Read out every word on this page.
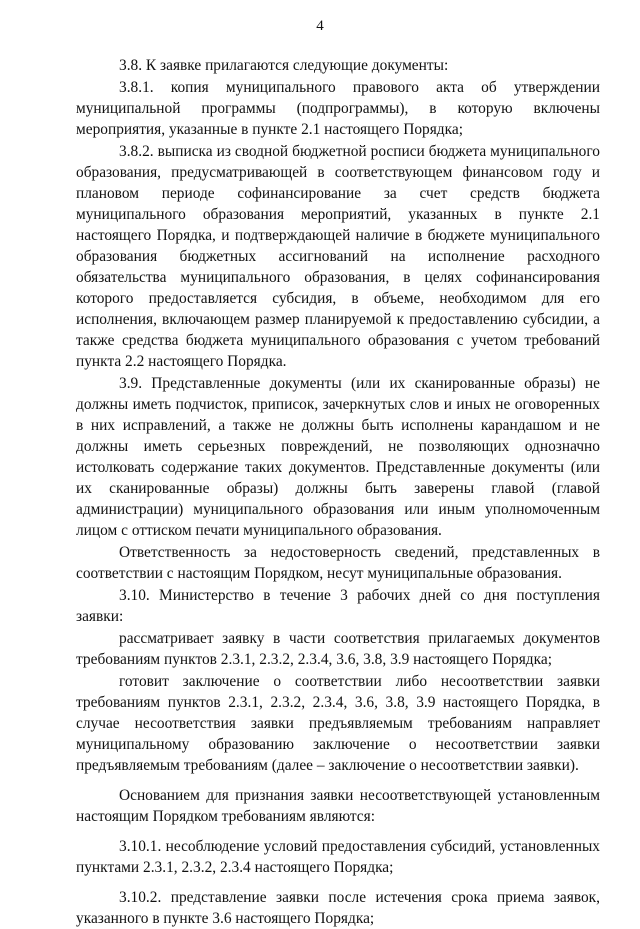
4

3.8. К заявке прилагаются следующие документы:

3.8.1. копия муниципального правового акта об утверждении муниципальной программы (подпрограммы), в которую включены мероприятия, указанные в пункте 2.1 настоящего Порядка;

3.8.2. выписка из сводной бюджетной росписи бюджета муниципального образования, предусматривающей в соответствующем финансовом году и плановом периоде софинансирование за счет средств бюджета муниципального образования мероприятий, указанных в пункте 2.1 настоящего Порядка, и подтверждающей наличие в бюджете муниципального образования бюджетных ассигнований на исполнение расходного обязательства муниципального образования, в целях софинансирования которого предоставляется субсидия, в объеме, необходимом для его исполнения, включающем размер планируемой к предоставлению субсидии, а также средства бюджета муниципального образования с учетом требований пункта 2.2 настоящего Порядка.

3.9. Представленные документы (или их сканированные образы) не должны иметь подчисток, приписок, зачеркнутых слов и иных не оговоренных в них исправлений, а также не должны быть исполнены карандашом и не должны иметь серьезных повреждений, не позволяющих однозначно истолковать содержание таких документов. Представленные документы (или их сканированные образы) должны быть заверены главой (главой администрации) муниципального образования или иным уполномоченным лицом с оттиском печати муниципального образования.

Ответственность за недостоверность сведений, представленных в соответствии с настоящим Порядком, несут муниципальные образования.

3.10. Министерство в течение 3 рабочих дней со дня поступления заявки:

рассматривает заявку в части соответствия прилагаемых документов требованиям пунктов 2.3.1, 2.3.2, 2.3.4, 3.6, 3.8, 3.9 настоящего Порядка;

готовит заключение о соответствии либо несоответствии заявки требованиям пунктов 2.3.1, 2.3.2, 2.3.4, 3.6, 3.8, 3.9 настоящего Порядка, в случае несоответствия заявки предъявляемым требованиям направляет муниципальному образованию заключение о несоответствии заявки предъявляемым требованиям (далее – заключение о несоответствии заявки).

Основанием для признания заявки несоответствующей установленным настоящим Порядком требованиям являются:

3.10.1. несоблюдение условий предоставления субсидий, установленных пунктами 2.3.1, 2.3.2, 2.3.4 настоящего Порядка;

3.10.2. представление заявки после истечения срока приема заявок, указанного в пункте 3.6 настоящего Порядка;
